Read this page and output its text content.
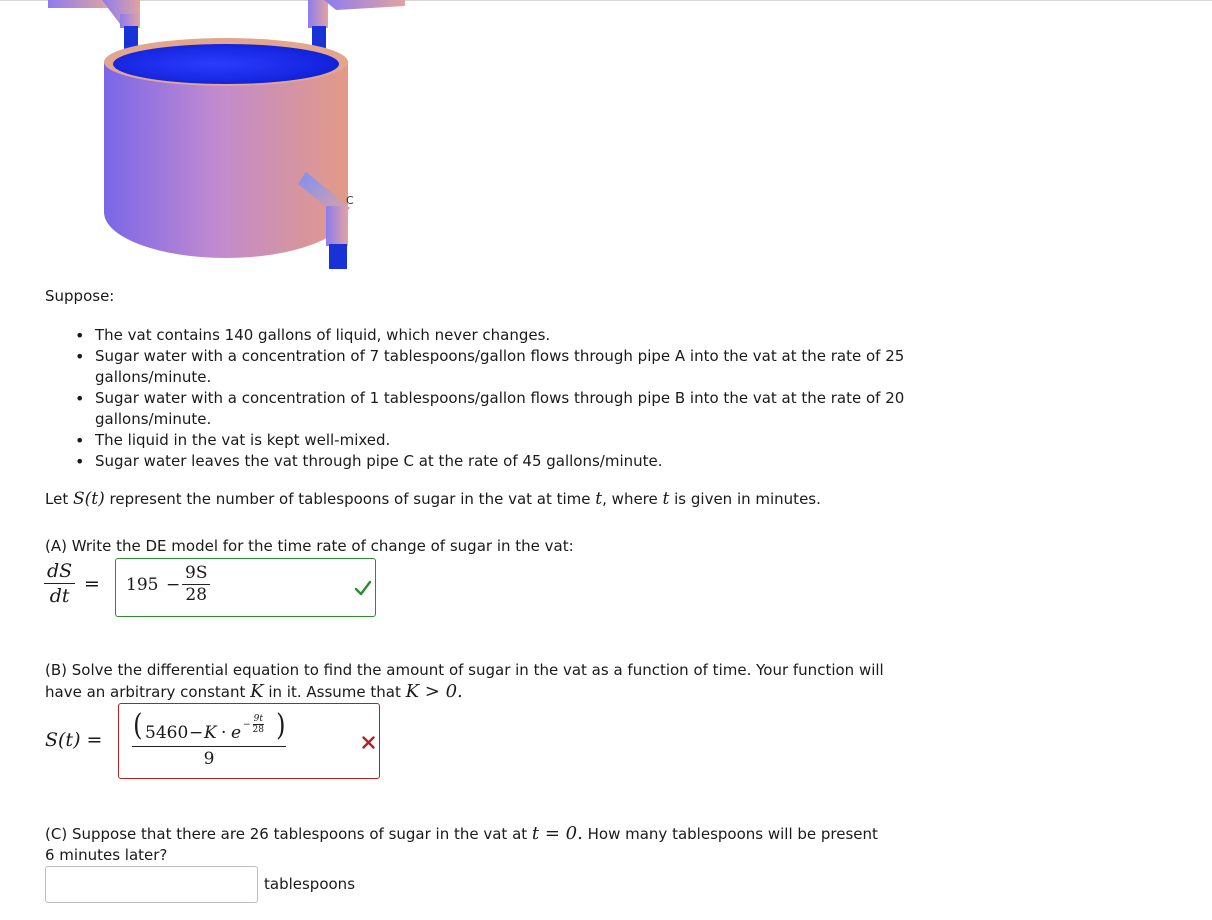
C

Suppose:

• The vat contains 140 gallons of liquid, which never changes.
• Sugar water with a concentration of 7 tablespoons/gallon flows through pipe A into the vat at the rate of 25 gallons/minute.
• Sugar water with a concentration of 1 tablespoons/gallon flows through pipe B into the vat at the rate of 20 gallons/minute.
• The liquid in the vat is kept well-mixed.
• Sugar water leaves the vat through pipe C at the rate of 45 gallons/minute.

Let S(t) represent the number of tablespoons of sugar in the vat at time t, where t is given in minutes.

(A) Write the DE model for the time rate of change of sugar in the vat:

$\frac{dS}{dt} = 195 - \frac{9S}{28}$

(B) Solve the differential equation to find the amount of sugar in the vat as a function of time. Your function will have an arbitrary constant K in it. Assume that K > 0.

S(t) = ( $5460 - K \cdot e - \frac{9t}{28}$ )
9

(C) Suppose that there are 26 tablespoons of sugar in the vat at t = 0. How many tablespoons will be present 6 minutes later?

tablespoons
